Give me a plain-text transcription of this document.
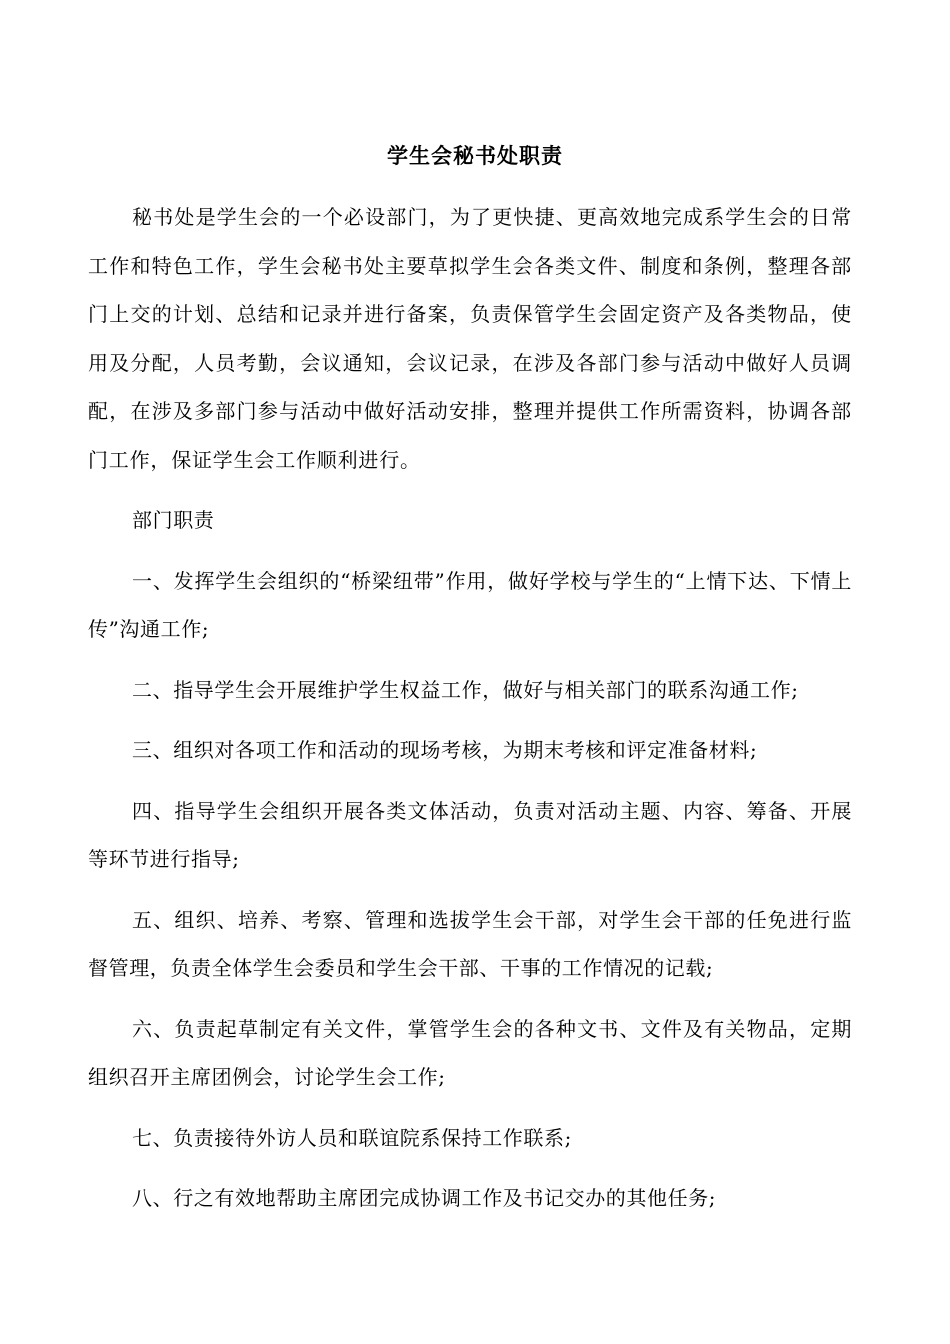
学生会秘书处职责

秘书处是学生会的一个必设部门，为了更快捷、更高效地完成系学生会的日常工作和特色工作，学生会秘书处主要草拟学生会各类文件、制度和条例，整理各部门上交的计划、总结和记录并进行备案，负责保管学生会固定资产及各类物品，使用及分配，人员考勤，会议通知，会议记录，在涉及各部门参与活动中做好人员调配，在涉及多部门参与活动中做好活动安排，整理并提供工作所需资料，协调各部门工作，保证学生会工作顺利进行。

部门职责

一、发挥学生会组织的“桥梁纽带”作用，做好学校与学生的“上情下达、下情上传”沟通工作;

二、指导学生会开展维护学生权益工作，做好与相关部门的联系沟通工作;

三、组织对各项工作和活动的现场考核，为期末考核和评定准备材料;

四、指导学生会组织开展各类文体活动，负责对活动主题、内容、筹备、开展等环节进行指导;

五、组织、培养、考察、管理和选拔学生会干部，对学生会干部的任免进行监督管理，负责全体学生会委员和学生会干部、干事的工作情况的记载;

六、负责起草制定有关文件，掌管学生会的各种文书、文件及有关物品，定期组织召开主席团例会，讨论学生会工作;

七、负责接待外访人员和联谊院系保持工作联系;

八、行之有效地帮助主席团完成协调工作及书记交办的其他任务;
